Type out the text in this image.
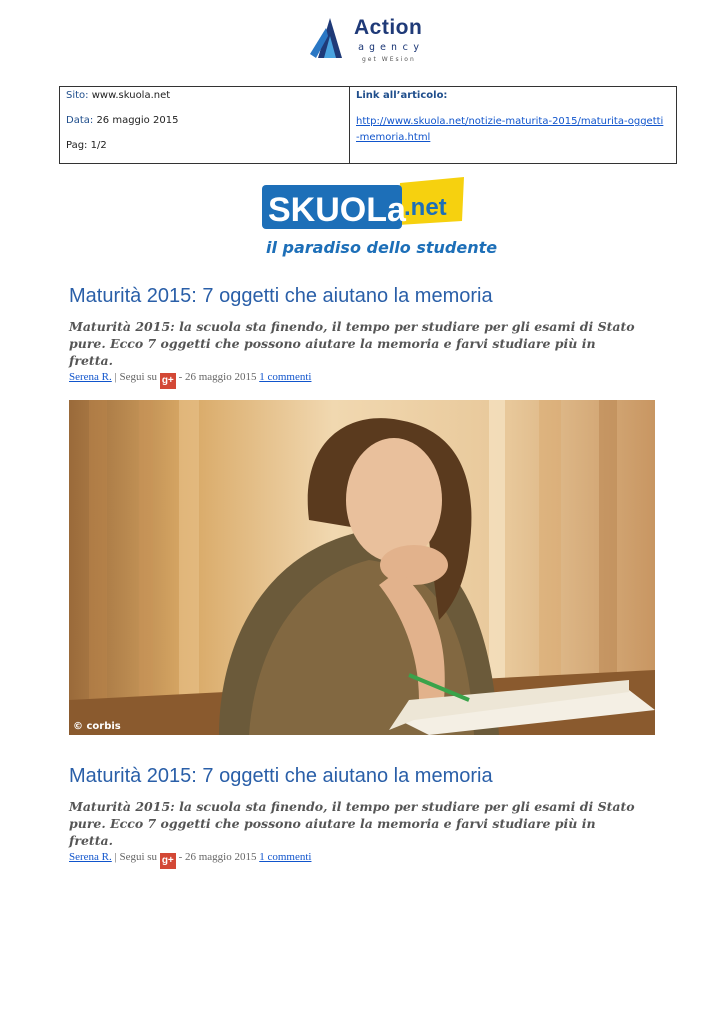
Action
agency
get WEsion
Sito: www.skuola.net
Data: 26 maggio 2015
Pag: 1/2
Link all’articolo:
http://www.skuola.net/notizie-maturita-2015/maturita-oggetti-memoria.html
SKUOLa
.net
il paradiso dello studente
Maturità 2015: 7 oggetti che aiutano la memoria
Maturità 2015: la scuola sta finendo, il tempo per studiare per gli esami di Stato pure. Ecco 7 oggetti che possono aiutare la memoria e farvi studiare più in fretta.
Serena R. | Segui su g+ - 26 maggio 2015 1 commenti
© corbis
Maturità 2015: 7 oggetti che aiutano la memoria
Maturità 2015: la scuola sta finendo, il tempo per studiare per gli esami di Stato pure. Ecco 7 oggetti che possono aiutare la memoria e farvi studiare più in fretta.
Serena R. | Segui su g+ - 26 maggio 2015 1 commenti
